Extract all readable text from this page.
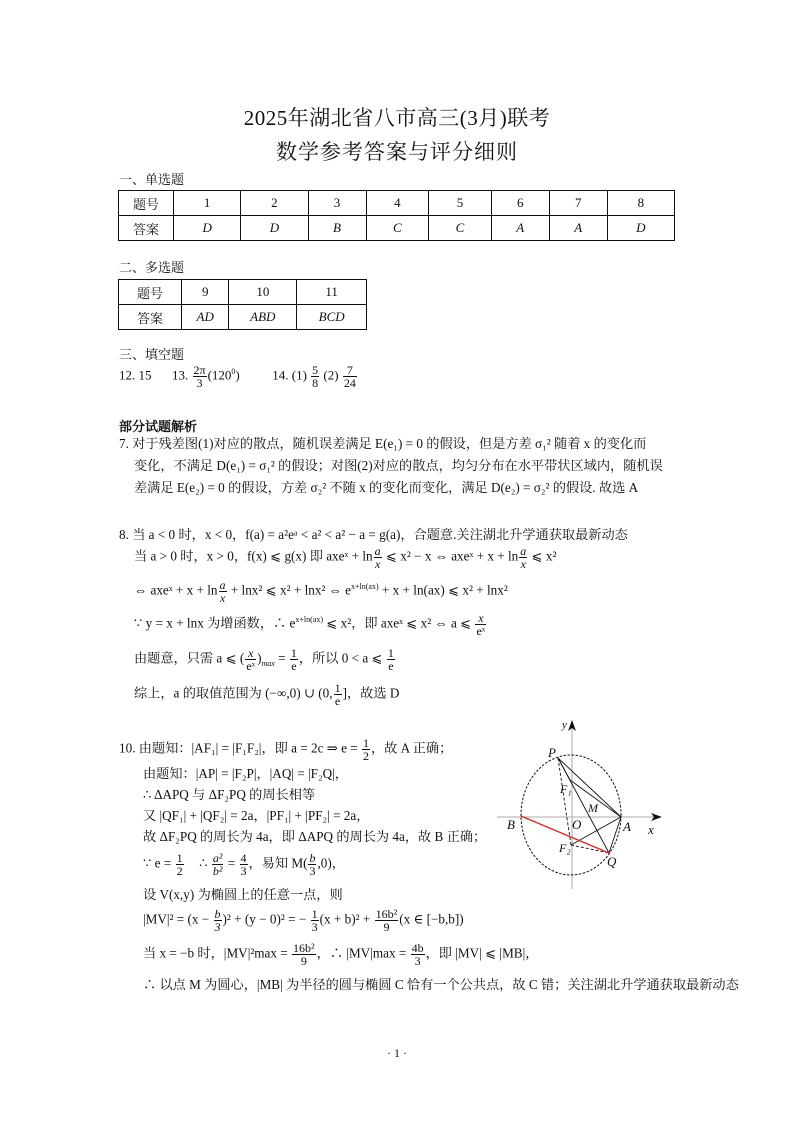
2025年湖北省八市高三(3月)联考
数学参考答案与评分细则
一、单选题
题号	1	2	3	4	5	6	7	8
答案	D	D	B	C	C	A	A	D
二、多选题
题号	9	10	11
答案	AD	ABD	BCD
三、填空题
12. 15 13. $\frac{2\pi}{3} (120^0)$	14. $(1) \frac{5}{8} (2) \frac{7}{24}$
部分试题解析
7. 对于残差图(1)对应的散点，随机误差满足 E(e₁) = 0 的假设，但是方差 σ₁² 随着 x 的变化而
变化，不满足 D(e₁) = σ₁² 的假设；对图(2)对应的散点，均匀分布在水平带状区域内，随机误
差满足 E(e₂) = 0 的假设，方差 σ₂² 不随 x 的变化而变化，满足 D(e₂) = σ₂² 的假设. 故选 A
8. 当 a < 0 时，x < 0，f(a) = a²eᵃ < a² < a² − a = g(a)，合题意.关注湖北升学通获取最新动态
当 a > 0 时，x > 0，f(x) ⩽ g(x) 即 axeˣ + $\ln \frac{a}{x}$ ⩽ x² − x ⇔ axeˣ + $x + \ln \frac{a}{x}$ ⩽ x²
⇔ axeˣ + $x + \ln \frac{a}{x} + \ln x^2$ ⩽ x² + lnx² ⇔ $e^{x+ln(ax)} + x + \ln(ax)$ ⩽ x² + lnx²
∵ y = x + lnx 为增函数，∴ $e^{x+ln(ax)}$ ⩽ x²，即 axeˣ ⩽ x² ⇔ a ⩽ $\frac{x}{\text{eˣ}}$
由题意，只需 a ⩽ ( $\frac{x}{\text{eˣ}} )_{max} = \frac{1}{e}$ ，所以 0 < a ⩽ $\frac{1}{e}$
综上，a 的取值范围为 (−∞,0) ∪ (0, $\frac{1}{e}$ ]，故选 D
10. 由题知：|AF₁| = |F₁F₂|，即 a = 2c ⇒ $e = \frac{1}{2}$ ，故 A 正确；
由题知：|AP| = |F₂P|，|AQ| = |F₂Q|，
∴ ΔAPQ 与 ΔF₂PQ 的周长相等
又 |QF₁| + |QF₂| = 2a，|PF₁| + |PF₂| = 2a，
故 ΔF₂PQ 的周长为 4a，即 ΔAPQ 的周长为 4a，故 B 正确；
∵ $e = \frac{1}{2}$ ∴ $\frac{\text{a²}}{\text{b²}} = \frac{4}{3}$ ，易知 $M( \frac{b}{3} ,0)$，
设 V(x,y) 为椭圆上的任意一点，则
$|MV|^2 = (x - \frac{b}{3} )^2 + (y - 0)^2$ = − $\frac{1}{3} (x + b)^2 + \frac{\text{16b²}}{9} (x$ ∈ [−b,b])
当 x = −b 时，$|MV|^2\max = \frac{\text{16b²}}{9}$ ，∴ $|MV|\max = \frac{4b}{3}$ ，即 |MV| ⩽ |MB|，
∴ 以点 M 为圆心，|MB| 为半径的圆与椭圆 C 恰有一个公共点，故 C 错；关注湖北升学通获取最新动态
y
x
P
F₁
M
O
B	A
F₂
Q
· 1 ·
